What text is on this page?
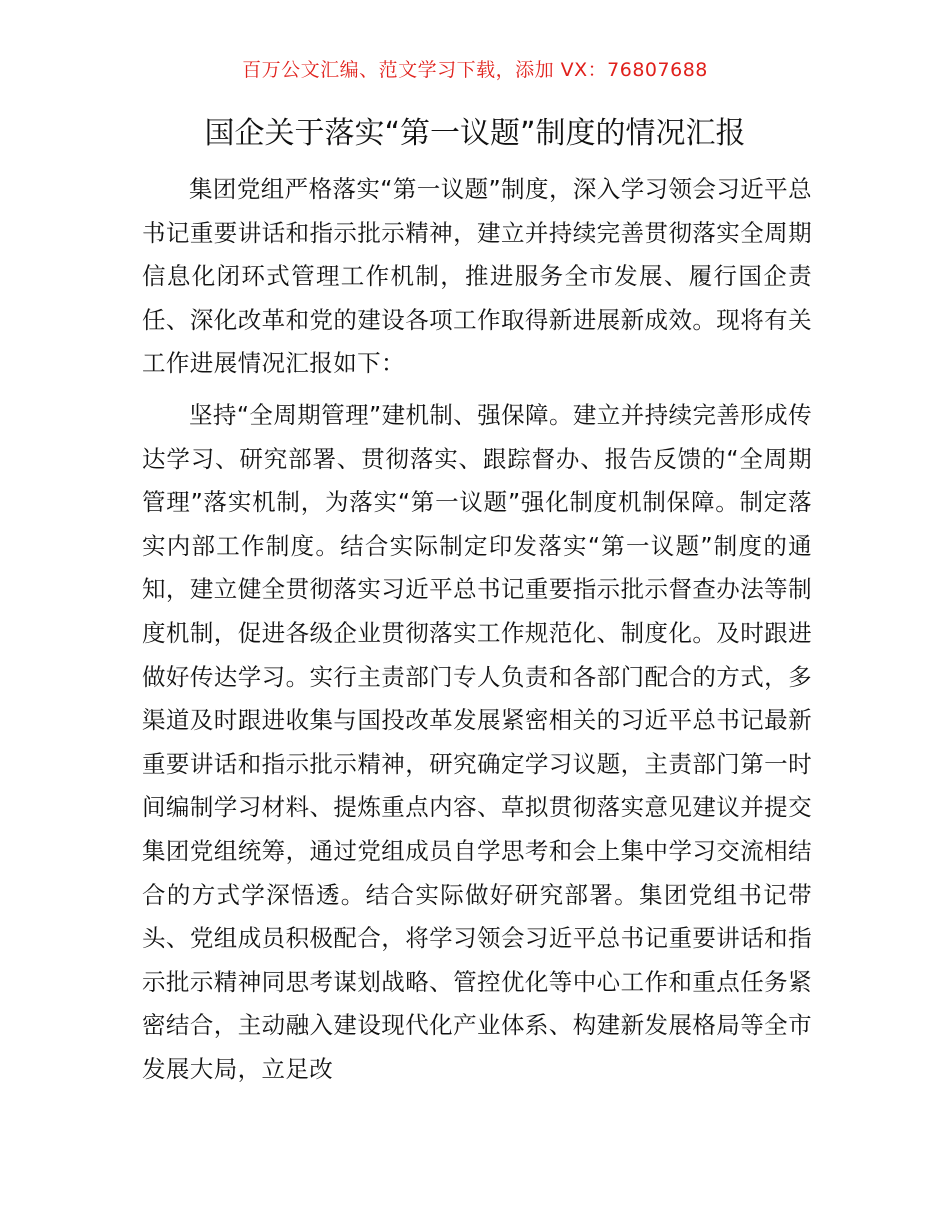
百万公文汇编、范文学习下载，添加 VX：76807688
国企关于落实“第一议题”制度的情况汇报

集团党组严格落实“第一议题”制度，深入学习领会习近平总书记重要讲话和指示批示精神，建立并持续完善贯彻落实全周期信息化闭环式管理工作机制，推进服务全市发展、履行国企责任、深化改革和党的建设各项工作取得新进展新成效。现将有关工作进展情况汇报如下：

坚持“全周期管理”建机制、强保障。建立并持续完善形成传达学习、研究部署、贯彻落实、跟踪督办、报告反馈的“全周期管理”落实机制，为落实“第一议题”强化制度机制保障。制定落实内部工作制度。结合实际制定印发落实“第一议题”制度的通知，建立健全贯彻落实习近平总书记重要指示批示督查办法等制度机制，促进各级企业贯彻落实工作规范化、制度化。及时跟进做好传达学习。实行主责部门专人负责和各部门配合的方式，多渠道及时跟进收集与国投改革发展紧密相关的习近平总书记最新重要讲话和指示批示精神，研究确定学习议题，主责部门第一时间编制学习材料、提炼重点内容、草拟贯彻落实意见建议并提交集团党组统筹，通过党组成员自学思考和会上集中学习交流相结合的方式学深悟透。结合实际做好研究部署。集团党组书记带头、党组成员积极配合，将学习领会习近平总书记重要讲话和指示批示精神同思考谋划战略、管控优化等中心工作和重点任务紧密结合，主动融入建设现代化产业体系、构建新发展格局等全市发展大局，立足改
